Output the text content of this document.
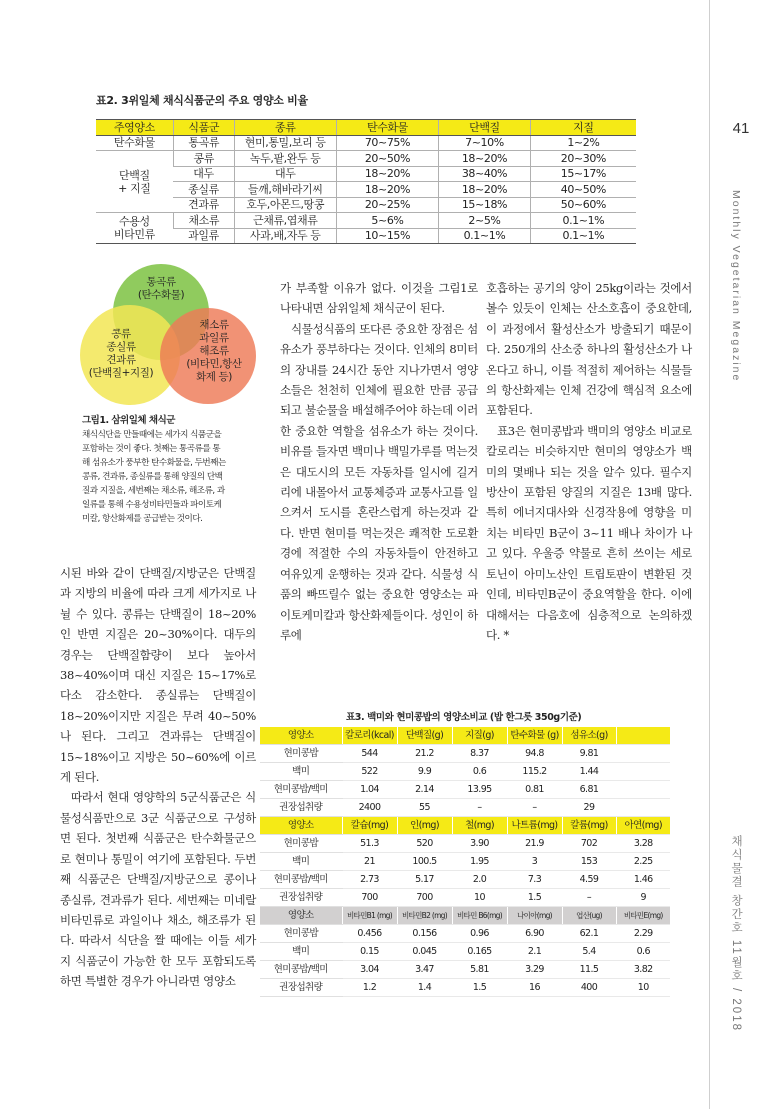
41
Monthly Vegetarian Megazine
채식물결 창간호 11월호 / 2018
표2. 3위일체 채식식품군의 주요 영양소 비율
주영양소	식품군	종류	탄수화물	단백질	지질
탄수화물	통곡류	현미,통밀,보리 등	70~75%	7~10%	1~2%

단백질
+ 지질	콩류	녹두,팥,완두 등	20~50%	18~20%	20~30%
	대두	대두	18~20%	38~40%	15~17%
	종실류	들깨,해바라기씨	18~20%	18~20%	40~50%
	견과류	호두,아몬드,땅콩	20~25%	15~18%	50~60%

수용성
비타민류	채소류	근채류,엽채류	5~6%	2~5%	0.1~1%
	과일류	사과,배,자두 등	10~15%	0.1~1%	0.1~1%
통곡류
(탄수화물)
콩류
종실류
견과류
(단백질+지질)
채소류
과일류
해조류
(비타민,항산
화제 등)
그림1. 삼위일체 채식군
채식식단을 만들때에는 세가지 식품군을
포함하는 것이 좋다. 첫째는 통곡류를 통
해 섬유소가 풍부한 탄수화물을, 두번째는
콩류, 견과류, 종실류를 통해 양질의 단백
질과 지질을, 세번째는 채소류, 해조류, 과
일류를 통해 수용성비타민들과 파이토케
미칼, 항산화제를 공급받는 것이다.

시된 바와 같이 단백질/지방군은 단백질과 지방의 비율에 따라 크게 세가지로 나뉠 수 있다. 콩류는 단백질이 18~20%인 반면 지질은 20~30%이다. 대두의 경우는 단백질함량이 보다 높아서 38~40%이며 대신 지질은 15~17%로 다소 감소한다. 종실류는 단백질이 18~20%이지만 지질은 무려 40~50%나 된다. 그리고 견과류는 단백질이 15~18%이고 지방은 50~60%에 이르게 된다.

따라서 현대 영양학의 5군식품군은 식물성식품만으로 3군 식품군으로 구성하면 된다. 첫번째 식품군은 탄수화물군으로 현미나 통밀이 여기에 포함된다. 두번째 식품군은 단백질/지방군으로 콩이나 종실류, 견과류가 된다. 세번째는 미네랄 비타민류로 과일이나 채소, 해조류가 된다. 따라서 식단을 짤 때에는 이들 세가지 식품군이 가능한 한 모두 포함되도록 하면 특별한 경우가 아니라면 영양소

가 부족할 이유가 없다. 이것을 그림1로 나타내면 삼위일체 채식군이 된다.

식물성식품의 또다른 중요한 장점은 섬유소가 풍부하다는 것이다. 인체의 8미터의 장내를 24시간 동안 지나가면서 영양소들은 천천히 인체에 필요한 만큼 공급되고 불순물을 배설해주어야 하는데 이러한 중요한 역할을 섬유소가 하는 것이다. 비유를 들자면 백미나 백밀가루를 먹는것은 대도시의 모든 자동차를 일시에 길거리에 내몰아서 교통체증과 교통사고를 일으켜서 도시를 혼란스럽게 하는것과 같다. 반면 현미를 먹는것은 쾌적한 도로환경에 적절한 수의 자동차들이 안전하고 여유있게 운행하는 것과 같다. 식물성 식품의 빠뜨릴수 없는 중요한 영양소는 파이토케미칼과 항산화제들이다. 성인이 하루에

호흡하는 공기의 양이 25kg이라는 것에서 볼수 있듯이 인체는 산소호흡이 중요한데, 이 과정에서 활성산소가 방출되기 때문이다. 250개의 산소중 하나의 활성산소가 나온다고 하니, 이를 적절히 제어하는 식물들의 항산화제는 인체 건강에 핵심적 요소에 포함된다.

표3은 현미콩밥과 백미의 영양소 비교로 칼로리는 비슷하지만 현미의 영양소가 백미의 몇배나 되는 것을 알수 있다. 필수지방산이 포함된 양질의 지질은 13배 많다. 특히 에너지대사와 신경작용에 영향을 미치는 비타민 B군이 3~11 배나 차이가 나고 있다. 우울증 약물로 흔히 쓰이는 세로토닌이 아미노산인 트립토판이 변환된 것인데, 비타민B군이 중요역할을 한다. 이에 대해서는 다음호에 심층적으로 논의하겠다. *

표3. 백미와 현미콩밥의 영양소비교 (밥 한그릇 350g기준)
영양소	칼로리(kcal)	단백질(g)	지질(g)	탄수화물 (g)	섬유소(g)	
현미콩밥	544	21.2	8.37	94.8	9.81	
백미	522	9.9	0.6	115.2	1.44	
현미콩밥/백미	1.04	2.14	13.95	0.81	6.81	
권장섭취량	2400	55	–	–	29	
영양소	칼슘(mg)	인(mg)	철(mg)	나트륨(mg)	칼륨(mg)	아연(mg)
현미콩밥	51.3	520	3.90	21.9	702	3.28
백미	21	100.5	1.95	3	153	2.25
현미콩밥/백미	2.73	5.17	2.0	7.3	4.59	1.46
권장섭취량	700	700	10	1.5	–	9
영양소	비타민B1 (mg)	비타민B2 (mg)	비타민 B6(mg)	나이아(mg)	엽산(ug)	비타민E(mg)
현미콩밥	0.456	0.156	0.96	6.90	62.1	2.29
백미	0.15	0.045	0.165	2.1	5.4	0.6
현미콩밥/백미	3.04	3.47	5.81	3.29	11.5	3.82
권장섭취량	1.2	1.4	1.5	16	400	10
